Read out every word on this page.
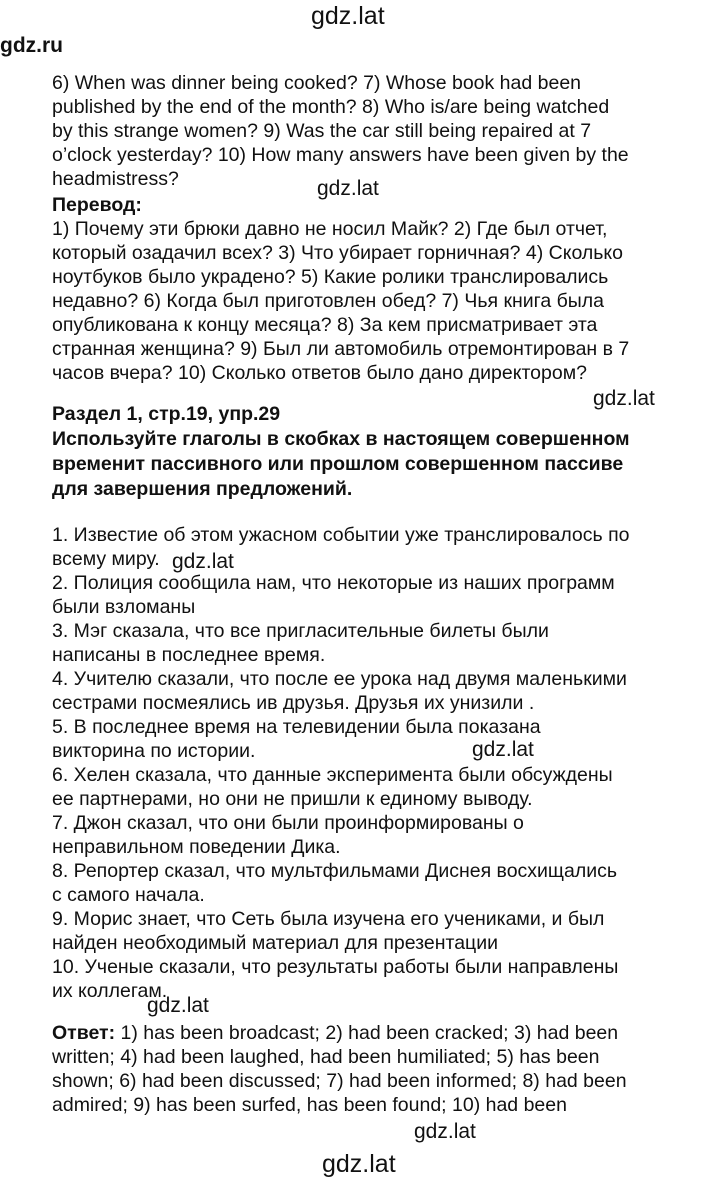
gdz.lat
gdz.ru
gdz.lat
gdz.lat
gdz.lat
gdz.lat
gdz.lat
gdz.lat
gdz.lat
6) When was dinner being cooked? 7) Whose book had been
published by the end of the month? 8) Who is/are being watched
by this strange women? 9) Was the car still being repaired at 7
o’clock yesterday? 10) How many answers have been given by the
headmistress?
Перевод:
1) Почему эти брюки давно не носил Майк? 2) Где был отчет,
который озадачил всех? 3) Что убирает горничная? 4) Сколько
ноутбуков было украдено? 5) Какие ролики транслировались
недавно? 6) Когда был приготовлен обед? 7) Чья книга была
опубликована к концу месяца? 8) За кем присматривает эта
странная женщина? 9) Был ли автомобиль отремонтирован в 7
часов вчера? 10) Сколько ответов было дано директором?
Раздел 1, стр.19, упр.29
Используйте глаголы в скобках в настоящем совершенном
временит пассивного или прошлом совершенном пассиве
для завершения предложений.
1. Известие об этом ужасном событии уже транслировалось по
всему миру.
2. Полиция сообщила нам, что некоторые из наших программ
были взломаны
3. Мэг сказала, что все пригласительные билеты были
написаны в последнее время.
4. Учителю сказали, что после ее урока над двумя маленькими
сестрами посмеялись ив друзья. Друзья их унизили .
5. В последнее время на телевидении была показана
викторина по истории.
6. Хелен сказала, что данные эксперимента были обсуждены
ее партнерами, но они не пришли к единому выводу.
7. Джон сказал, что они были проинформированы о
неправильном поведении Дика.
8. Репортер сказал, что мультфильмами Диснея восхищались
с самого начала.
9. Морис знает, что Сеть была изучена его учениками, и был
найден необходимый материал для презентации
10. Ученые сказали, что результаты работы были направлены
их коллегам.
Ответ: 1) has been broadcast; 2) had been cracked; 3) had been
written; 4) had been laughed, had been humiliated; 5) has been
shown; 6) had been discussed; 7) had been informed; 8) had been
admired; 9) has been surfed, has been found; 10) had been
